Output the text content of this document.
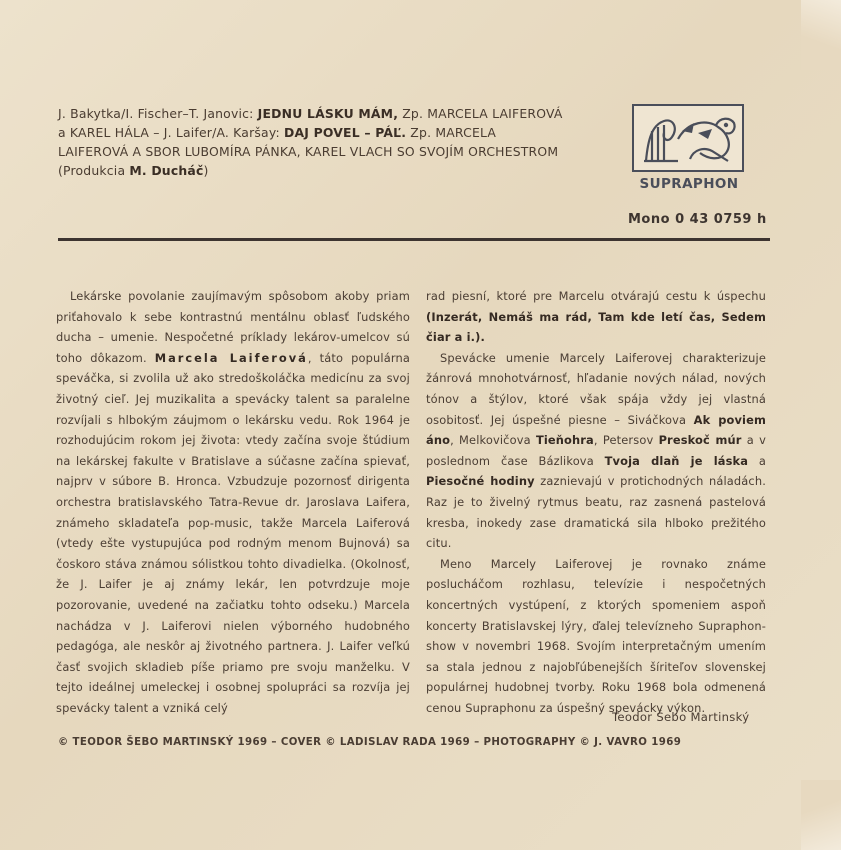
J. Bakytka/I. Fischer–T. Janovic: JEDNU LÁSKU MÁM, Zp. MARCELA LAIFEROVÁ a KAREL HÁLA – J. Laifer/A. Karšay: DAJ POVEL – PÁĽ. Zp. MARCELA LAIFEROVÁ A SBOR LUBOMÍRA PÁNKA, KAREL VLACH SO SVOJÍM ORCHESTROM
(Produkcia M. Ducháč)
SUPRAPHON
Mono 0 43 0759 h

Lekárske povolanie zaujímavým spôsobom akoby priam priťahovalo k sebe kontrastnú mentálnu oblasť ľudského ducha – umenie. Nespočetné príklady lekárov-umelcov sú toho dôkazom. Marcela Laiferová, táto populárna speváčka, si zvolila už ako stredoškoláčka medicínu za svoj životný cieľ. Jej muzikalita a spevácky talent sa paralelne rozvíjali s hlbokým záujmom o lekársku vedu. Rok 1964 je rozhodujúcim rokom jej života: vtedy začína svoje štúdium na lekárskej fakulte v Bratislave a súčasne začína spievať, najprv v súbore B. Hronca. Vzbudzuje pozornosť dirigenta orchestra bratislavského Tatra-Revue dr. Jaroslava Laifera, známeho skladateľa pop-music, takže Marcela Laiferová (vtedy ešte vystupujúca pod rodným menom Bujnová) sa čoskoro stáva známou sólistkou tohto divadielka. (Okolnosť, že J. Laifer je aj známy lekár, len potvrdzuje moje pozorovanie, uvedené na začiatku tohto odseku.) Marcela nachádza v J. Laiferovi nielen výborného hudobného pedagóga, ale neskôr aj životného partnera. J. Laifer veľkú časť svojich skladieb píše priamo pre svoju manželku. V tejto ideálnej umeleckej i osobnej spolupráci sa rozvíja jej spevácky talent a vzniká celý

rad piesní, ktoré pre Marcelu otvárajú cestu k úspechu (Inzerát, Nemáš ma rád, Tam kde letí čas, Sedem čiar a i.).

Spevácke umenie Marcely Laiferovej charakterizuje žánrová mnohotvárnosť, hľadanie nových nálad, nových tónov a štýlov, ktoré však spája vždy jej vlastná osobitosť. Jej úspešné piesne – Siváčkova Ak poviem áno, Melkovičova Tieňohra, Petersov Preskoč múr a v poslednom čase Bázlikova Tvoja dlaň je láska a Piesočné hodiny zaznievajú v protichodných náladách. Raz je to živelný rytmus beatu, raz zasnená pastelová kresba, inokedy zase dramatická sila hlboko prežitého citu.

Meno Marcely Laiferovej je rovnako známe poslucháčom rozhlasu, televízie i nespočetných koncertných vystúpení, z ktorých spomeniem aspoň koncerty Bratislavskej lýry, ďalej televízneho Supraphon-show v novembri 1968. Svojím interpretačným umením sa stala jednou z najobľúbenejších šíriteľov slovenskej populárnej hudobnej tvorby. Roku 1968 bola odmenená cenou Supraphonu za úspešný spevácky výkon.

Teodor Šebo Martinský
© TEODOR ŠEBO MARTINSKÝ 1969 – COVER © LADISLAV RADA 1969 – PHOTOGRAPHY © J. VAVRO 1969
